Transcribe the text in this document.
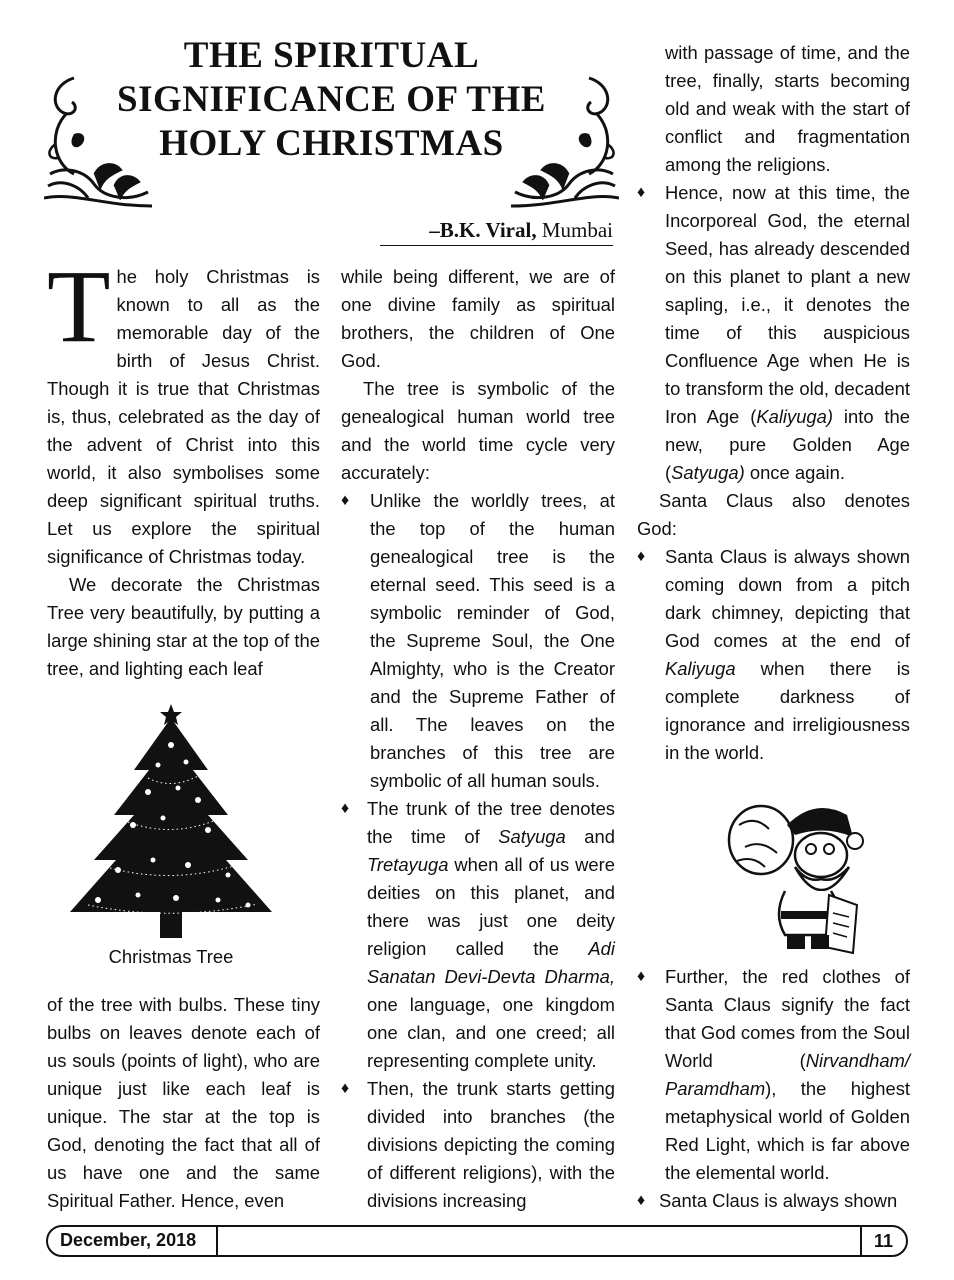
THE SPIRITUAL
SIGNIFICANCE OF THE
HOLY CHRISTMAS
–B.K. Viral, Mumbai

T he holy Christmas is known to all as the memorable day of the birth of Jesus Christ. Though it is true that Christmas is, thus, celebrated as the day of the advent of Christ into this world, it also symbolises some deep significant spiritual truths. Let us explore the spiritual significance of Christmas today.

We decorate the Christmas Tree very beautifully, by putting a large shining star at the top of the tree, and lighting each leaf

Christmas Tree

of the tree with bulbs. These tiny bulbs on leaves denote each of us souls (points of light), who are unique just like each leaf is unique. The star at the top is God, denoting the fact that all of us have one and the same Spiritual Father. Hence, even

while being different, we are of one divine family as spiritual brothers, the children of One God.

The tree is symbolic of the genealogical human world tree and the world time cycle very accurately:

♦ Unlike the worldly trees, at the top of the human genealogical tree is the eternal seed. This seed is a symbolic reminder of God, the Supreme Soul, the One Almighty, who is the Creator and the Supreme Father of all. The leaves on the branches of this tree are symbolic of all human souls.
♦ The trunk of the tree denotes the time of Satyuga and Tretayuga when all of us were deities on this planet, and there was just one deity religion called the Adi Sanatan Devi-Devta Dharma, one language, one kingdom one clan, and one creed; all representing complete unity.
♦ Then, the trunk starts getting divided into branches (the divisions depicting the coming of different religions), with the divisions increasing

with passage of time, and the tree, finally, starts becoming old and weak with the start of conflict and fragmentation among the religions.

♦ Hence, now at this time, the Incorporeal God, the eternal Seed, has already descended on this planet to plant a new sapling, i.e., it denotes the time of this auspicious Confluence Age when He is to transform the old, decadent Iron Age (Kaliyuga) into the new, pure Golden Age (Satyuga) once again.

Santa Claus also denotes God:

♦ Santa Claus is always shown coming down from a pitch dark chimney, depicting that God comes at the end of Kaliyuga when there is complete darkness of ignorance and irreligiousness in the world.
♦ Further, the red clothes of Santa Claus signify the fact that God comes from the Soul World (Nirvandham/ Paramdham), the highest metaphysical world of Golden Red Light, which is far above the elemental world.
♦ Santa Claus is always shown
December, 2018	11
